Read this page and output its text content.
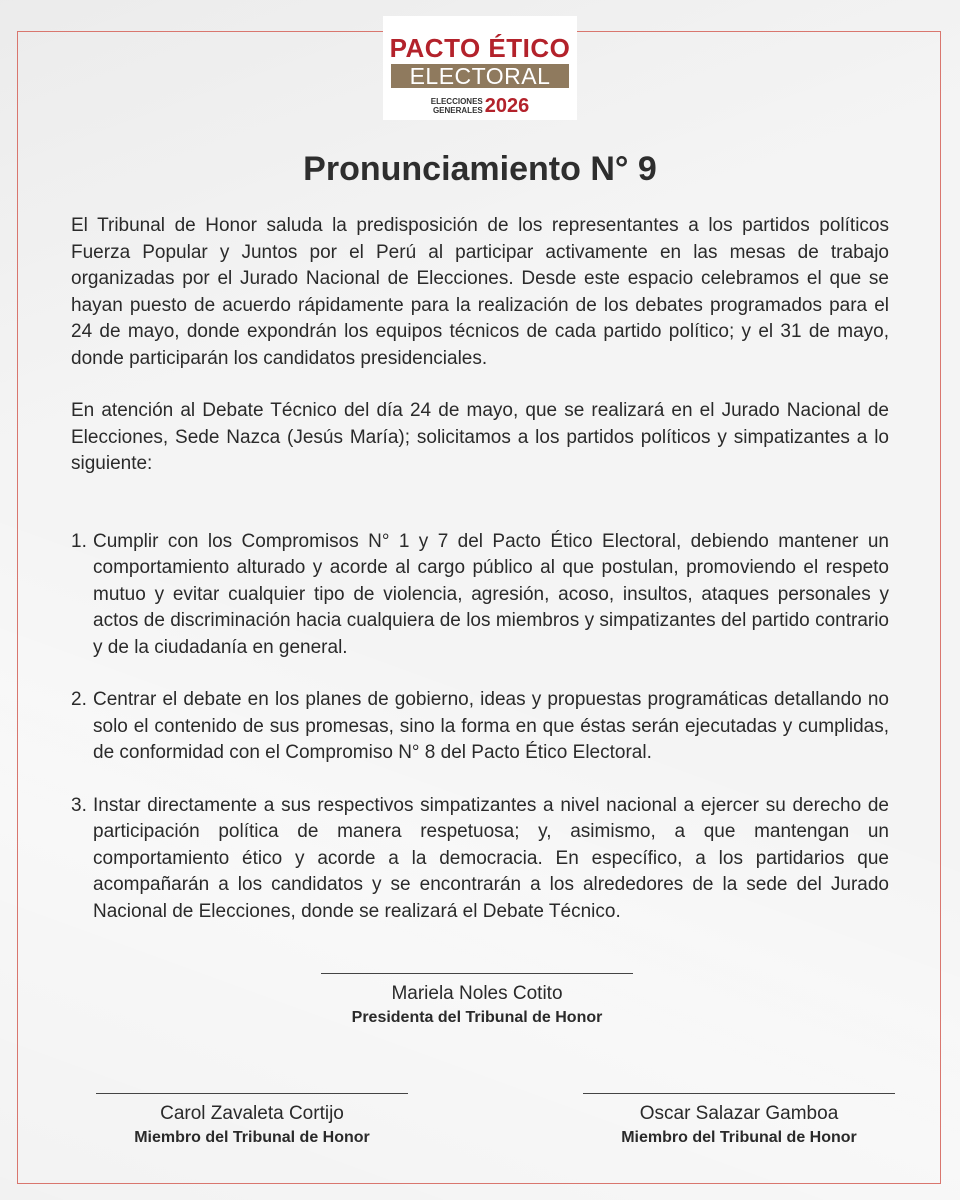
PACTO ÉTICO
ELECTORAL
ELECCIONES
GENERALES 2026
Pronunciamiento N° 9

El Tribunal de Honor saluda la predisposición de los representantes a los partidos políticos Fuerza Popular y Juntos por el Perú al participar activamente en las mesas de trabajo organizadas por el Jurado Nacional de Elecciones. Desde este espacio celebramos el que se hayan puesto de acuerdo rápidamente para la realización de los debates programados para el 24 de mayo, donde expondrán los equipos técnicos de cada partido político; y el 31 de mayo, donde participarán los candidatos presidenciales.

En atención al Debate Técnico del día 24 de mayo, que se realizará en el Jurado Nacional de Elecciones, Sede Nazca (Jesús María); solicitamos a los partidos políticos y simpatizantes a lo siguiente:

1. Cumplir con los Compromisos N° 1 y 7 del Pacto Ético Electoral, debiendo mantener un comportamiento alturado y acorde al cargo público al que postulan, promoviendo el respeto mutuo y evitar cualquier tipo de violencia, agresión, acoso, insultos, ataques personales y actos de discriminación hacia cualquiera de los miembros y simpatizantes del partido contrario y de la ciudadanía en general.
2. Centrar el debate en los planes de gobierno, ideas y propuestas programáticas detallando no solo el contenido de sus promesas, sino la forma en que éstas serán ejecutadas y cumplidas, de conformidad con el Compromiso N° 8 del Pacto Ético Electoral.
3. Instar directamente a sus respectivos simpatizantes a nivel nacional a ejercer su derecho de participación política de manera respetuosa; y, asimismo, a que mantengan un comportamiento ético y acorde a la democracia. En específico, a los partidarios que acompañarán a los candidatos y se encontrarán a los alrededores de la sede del Jurado Nacional de Elecciones, donde se realizará el Debate Técnico.
Mariela Noles Cotito
Presidenta del Tribunal de Honor
Carol Zavaleta Cortijo
Miembro del Tribunal de Honor
Oscar Salazar Gamboa
Miembro del Tribunal de Honor
